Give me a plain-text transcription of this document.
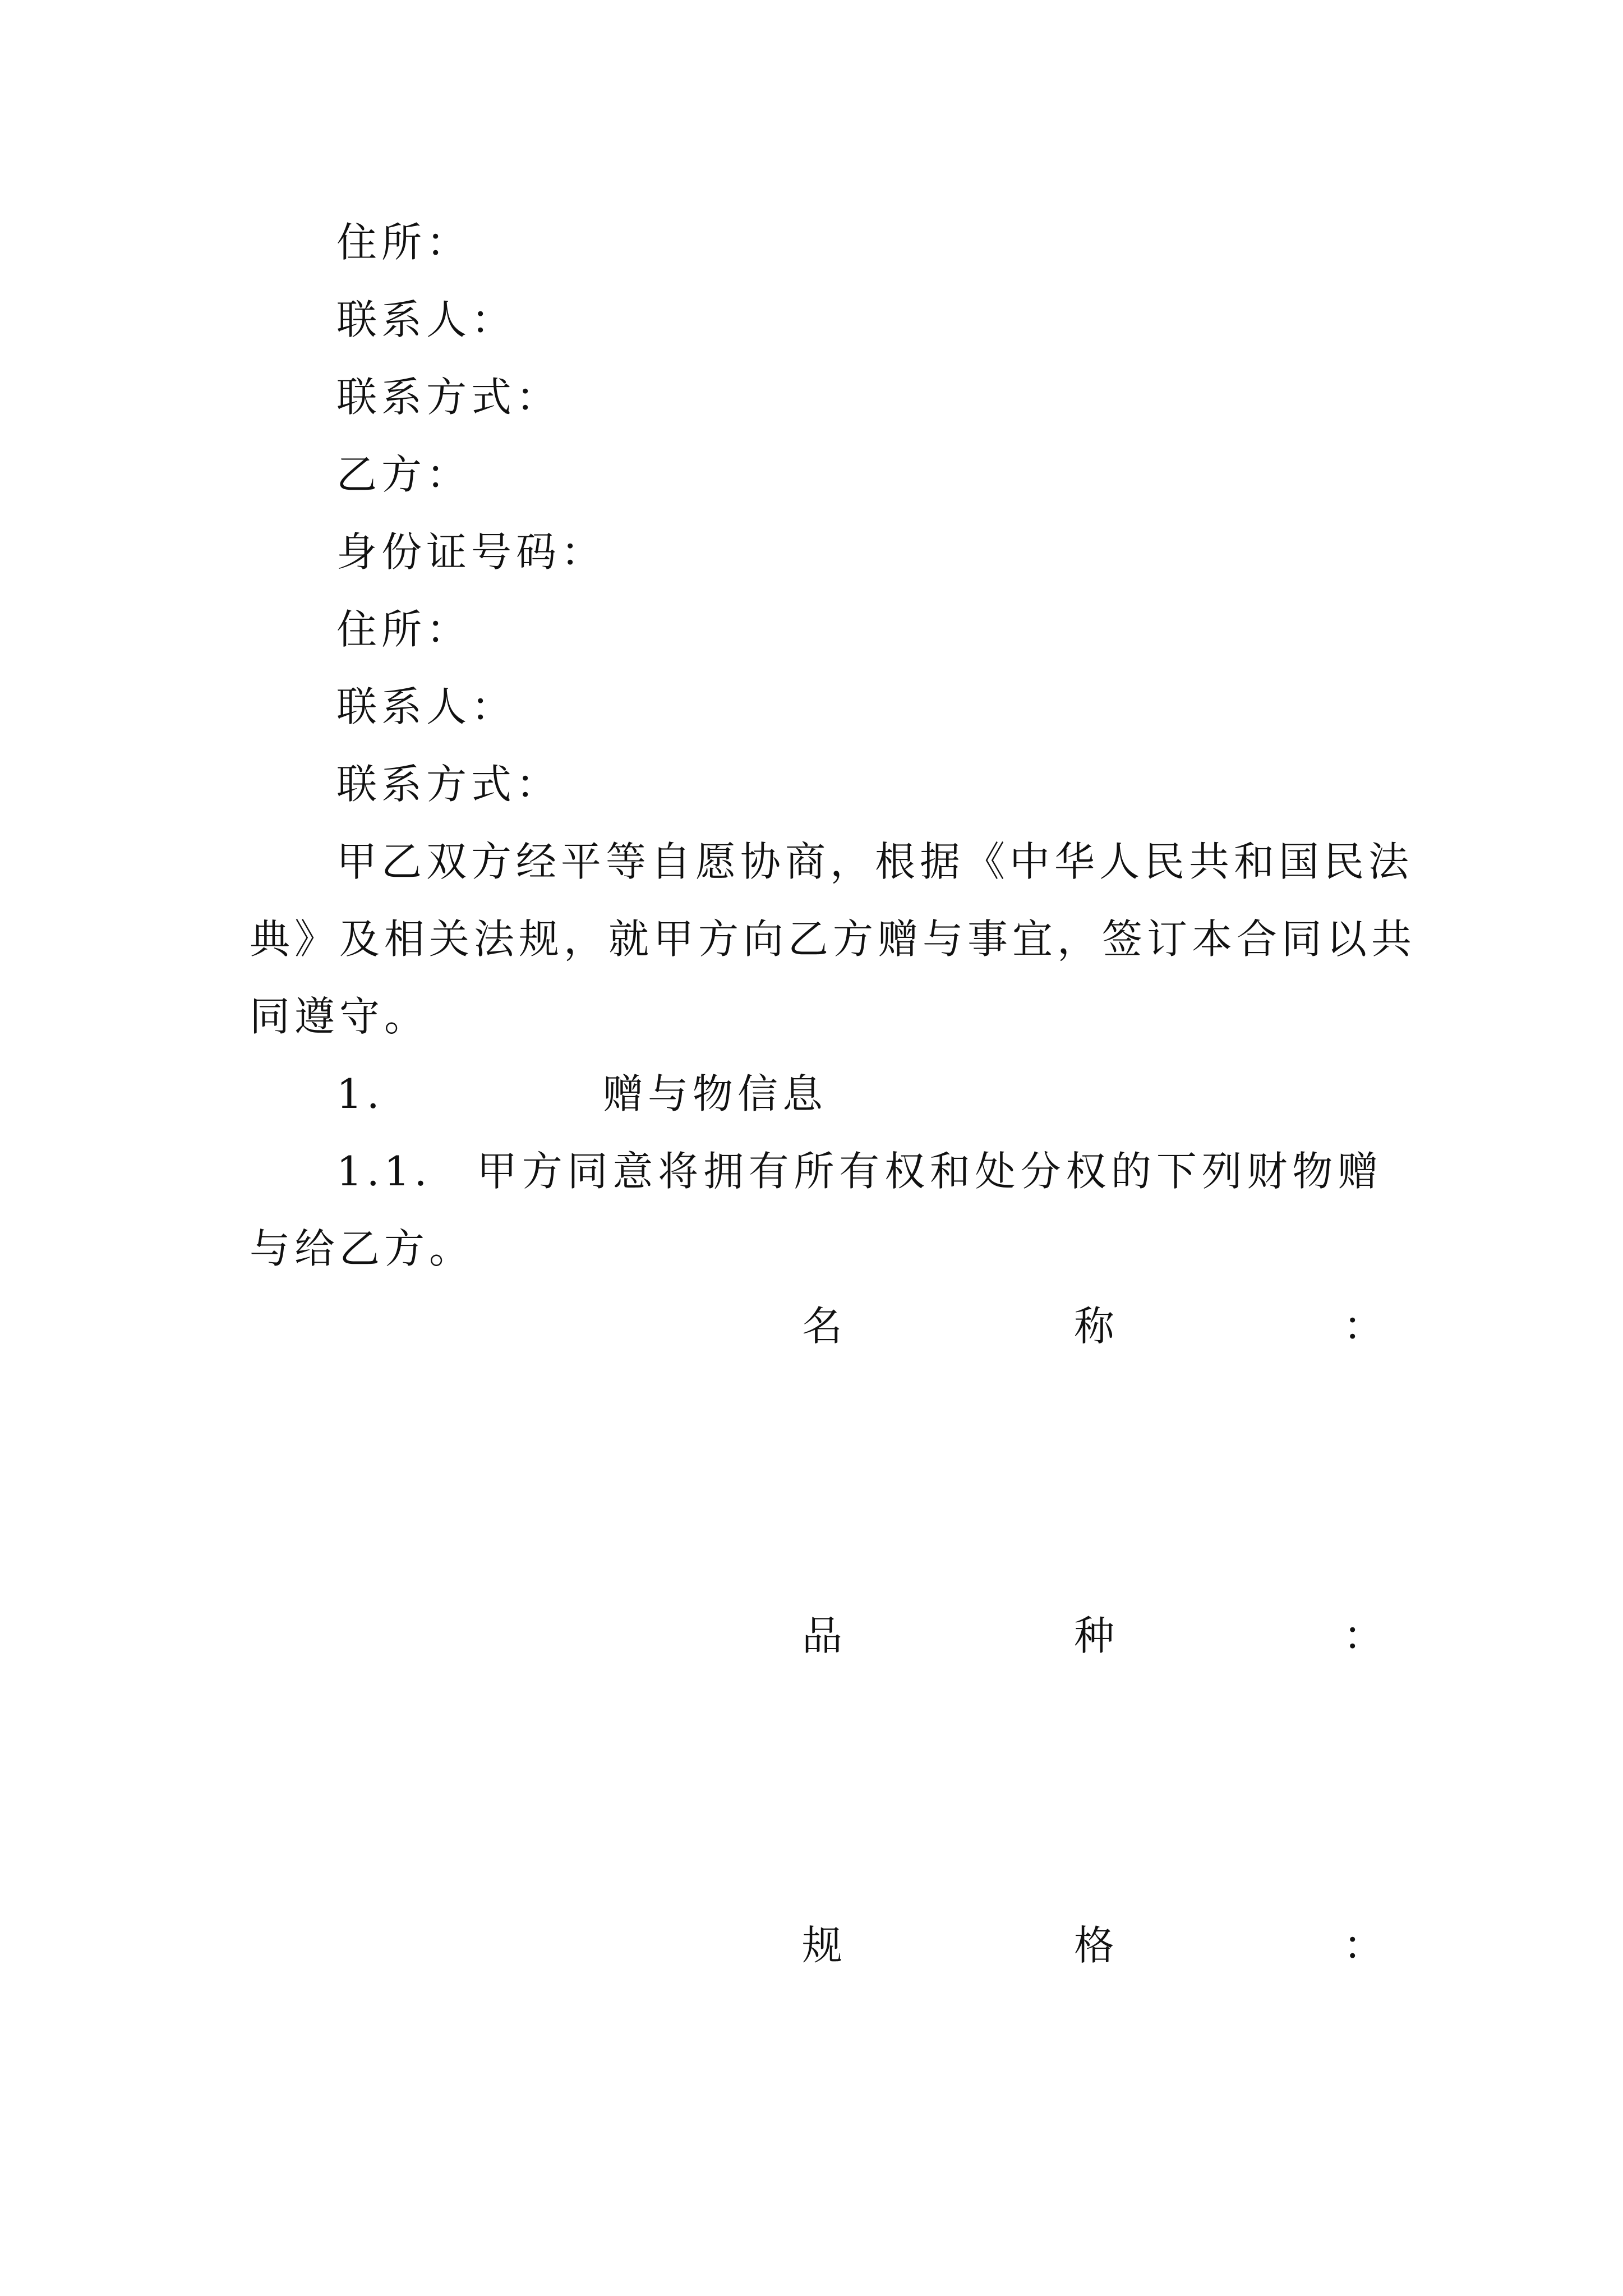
住所：
联系人：
联系方式：
乙方：
身份证号码：
住所：
联系人：
联系方式：
甲乙双方经平等自愿协商，根据《中华人民共和国民法
典》及相关法规，就甲方向乙方赠与事宜，签订本合同以共
同遵守。
1.	赠与物信息
1.1. 甲方同意将拥有所有权和处分权的下列财物赠
与给乙方。
名	称	：
品	种	：
规	格	：
